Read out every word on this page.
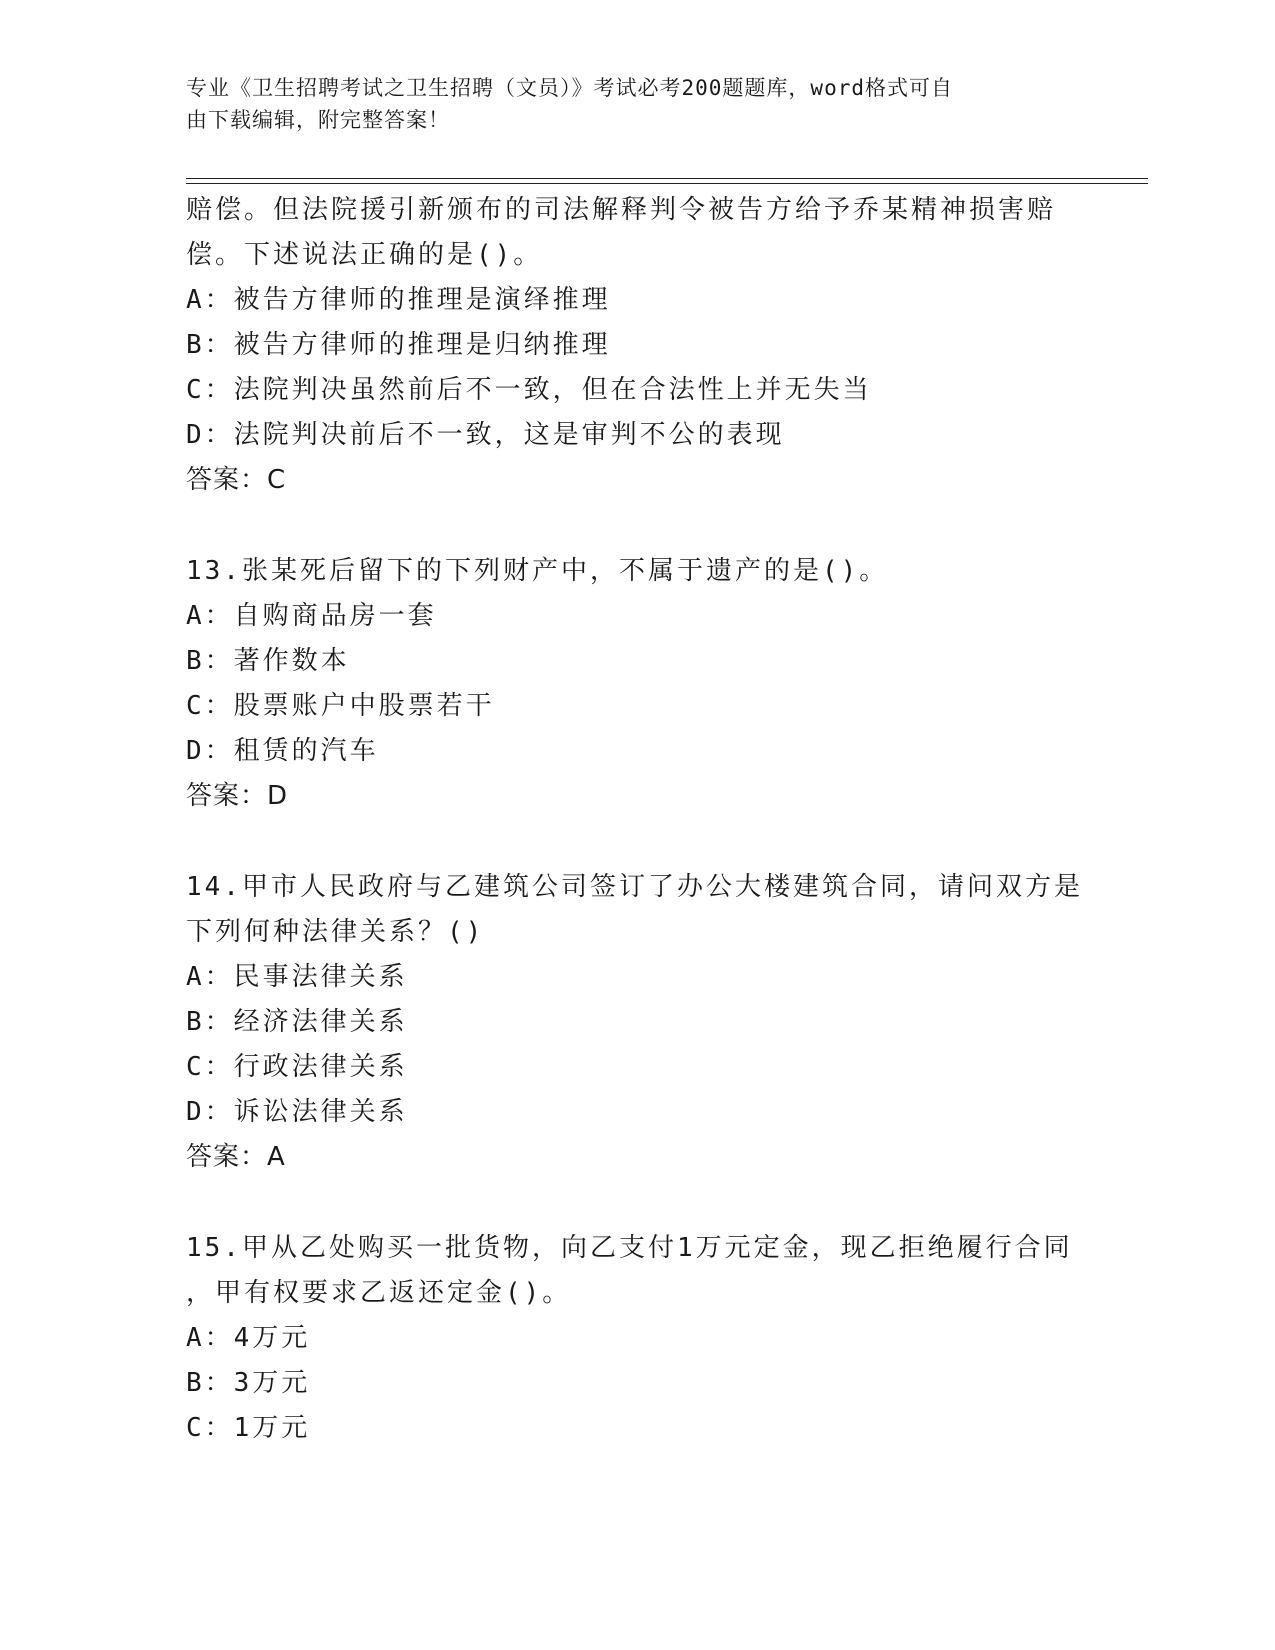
专业《卫生招聘考试之卫生招聘（文员）》考试必考200题题库，word格式可自
由下载编辑，附完整答案！
赔偿。但法院援引新颁布的司法解释判令被告方给予乔某精神损害赔
偿。下述说法正确的是()。
A：被告方律师的推理是演绎推理
B：被告方律师的推理是归纳推理
C：法院判决虽然前后不一致，但在合法性上并无失当
D：法院判决前后不一致，这是审判不公的表现
答案：C
13.张某死后留下的下列财产中，不属于遗产的是()。
A：自购商品房一套
B：著作数本
C：股票账户中股票若干
D：租赁的汽车
答案：D
14.甲市人民政府与乙建筑公司签订了办公大楼建筑合同，请问双方是
下列何种法律关系？()
A：民事法律关系
B：经济法律关系
C：行政法律关系
D：诉讼法律关系
答案：A
15.甲从乙处购买一批货物，向乙支付1万元定金，现乙拒绝履行合同
，甲有权要求乙返还定金()。
A：4万元
B：3万元
C：1万元
